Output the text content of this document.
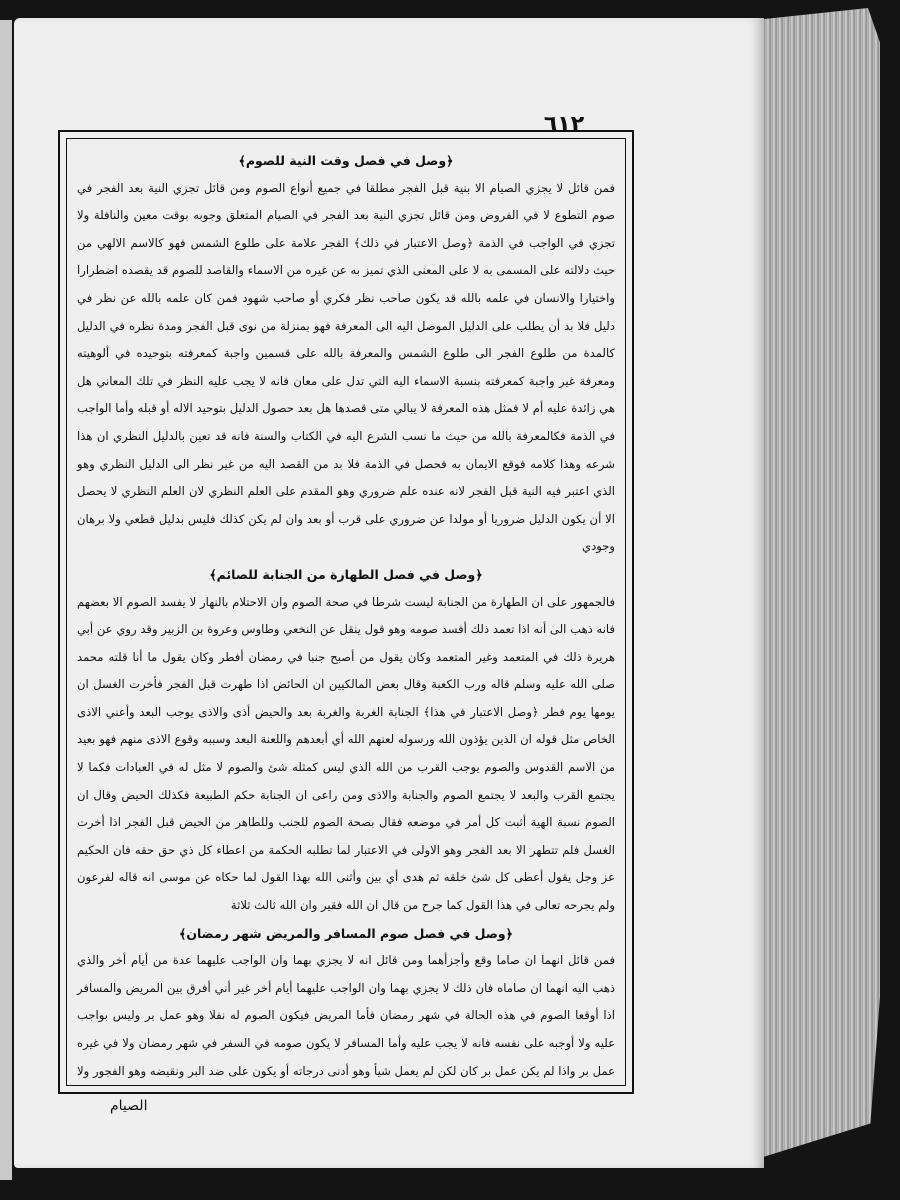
٦١٢
﴿وصل في فصل وقت النية للصوم﴾

فمن قائل لا يجزي الصيام الا بنية قبل الفجر مطلقا في جميع أنواع الصوم ومن قائل تجزي النية بعد الفجر في صوم التطوع لا في الفروض ومن قائل تجزي النية بعد الفجر في الصيام المتعلق وجوبه بوقت معين والنافلة ولا تجزي في الواجب في الذمة ﴿وصل الاعتبار في ذلك﴾ الفجر علامة على طلوع الشمس فهو كالاسم الالهي من حيث دلالته على المسمى به لا على المعنى الذي تميز به عن غيره من الاسماء والقاصد للصوم قد يقصده اضطرارا واختيارا والانسان في علمه بالله قد يكون صاحب نظر فكري أو صاحب شهود فمن كان علمه بالله عن نظر في دليل فلا بد أن يطلب على الدليل الموصل اليه الى المعرفة فهو بمنزلة من نوى قبل الفجر ومدة نظره في الدليل كالمدة من طلوع الفجر الى طلوع الشمس والمعرفة بالله على قسمين واجبة كمعرفته بتوحيده في ألوهيته ومعرفة غير واجبة كمعرفته بنسبة الاسماء اليه التي تدل على معان فانه لا يجب عليه النظر في تلك المعاني هل هي زائدة عليه أم لا فمثل هذه المعرفة لا يبالي متى قصدها هل بعد حصول الدليل بتوحيد الاله أو قبله وأما الواجب في الذمة فكالمعرفة بالله من حيث ما نسب الشرع اليه في الكتاب والسنة فانه قد تعين بالدليل النظري ان هذا شرعه وهذا كلامه فوقع الايمان به فحصل في الذمة فلا بد من القصد اليه من غير نظر الى الدليل النظري وهو الذي اعتبر فيه النية قبل الفجر لانه عنده علم ضروري وهو المقدم على العلم النظري لان العلم النظري لا يحصل الا أن يكون الدليل ضروريا أو مولدا عن ضروري على قرب أو بعد وان لم يكن كذلك فليس بدليل قطعي ولا برهان وجودي

﴿وصل في فصل الطهارة من الجنابة للصائم﴾

فالجمهور على ان الطهارة من الجنابة ليست شرطا في صحة الصوم وان الاحتلام بالنهار لا يفسد الصوم الا بعضهم فانه ذهب الى أنه اذا تعمد ذلك أفسد صومه وهو قول ينقل عن النخعي وطاوس وعروة بن الزبير وقد روي عن أبي هريرة ذلك في المتعمد وغير المتعمد وكان يقول من أصبح جنبا في رمضان أفطر وكان يقول ما أنا قلته محمد صلى الله عليه وسلم قاله ورب الكعبة وقال بعض المالكيين ان الحائض اذا طهرت قبل الفجر فأخرت الغسل ان يومها يوم فطر ﴿وصل الاعتبار في هذا﴾ الجنابة الغربة والغربة بعد والحيض أذى والاذى يوجب البعد وأعني الاذى الخاص مثل قوله ان الذين يؤذون الله ورسوله لعنهم الله أي أبعدهم واللعنة البعد وسببه وقوع الاذى منهم فهو بعيد من الاسم القدوس والصوم يوجب القرب من الله الذي ليس كمثله شئ والصوم لا مثل له في العبادات فكما لا يجتمع القرب والبعد لا يجتمع الصوم والجنابة والاذى ومن راعى ان الجنابة حكم الطبيعة فكذلك الحيض وقال ان الصوم نسبة الهية أثبت كل أمر في موضعه فقال بصحة الصوم للجنب وللطاهر من الحيض قبل الفجر اذا أخرت الغسل فلم تتطهر الا بعد الفجر وهو الاولى في الاعتبار لما تطلبه الحكمة من اعطاء كل ذي حق حقه فان الحكيم عز وجل يقول أعطى كل شئ خلقه ثم هدى أي بين وأثنى الله بهذا القول لما حكاه عن موسى انه قاله لفرعون ولم يجرحه تعالى في هذا القول كما جرح من قال ان الله فقير وان الله ثالث ثلاثة

﴿وصل في فصل صوم المسافر والمريض شهر رمضان﴾

فمن قائل انهما ان صاما وقع وأجزأهما ومن قائل انه لا يجزي بهما وان الواجب عليهما عدة من أيام أخر والذي ذهب اليه انهما ان صاماه فان ذلك لا يجزي بهما وان الواجب عليهما أيام أخر غير أني أفرق بين المريض والمسافر اذا أوقعا الصوم في هذه الحالة في شهر رمضان فأما المريض فيكون الصوم له نفلا وهو عمل بر وليس بواجب عليه ولا أوجبه على نفسه فانه لا يجب عليه وأما المسافر لا يكون صومه في السفر في شهر رمضان ولا في غيره عمل بر واذا لم يكن عمل بر كان لكن لم يعمل شيأ وهو أدنى درجاته أو يكون على ضد البر ونقيضه وهو الفجور ولا

الصيام
